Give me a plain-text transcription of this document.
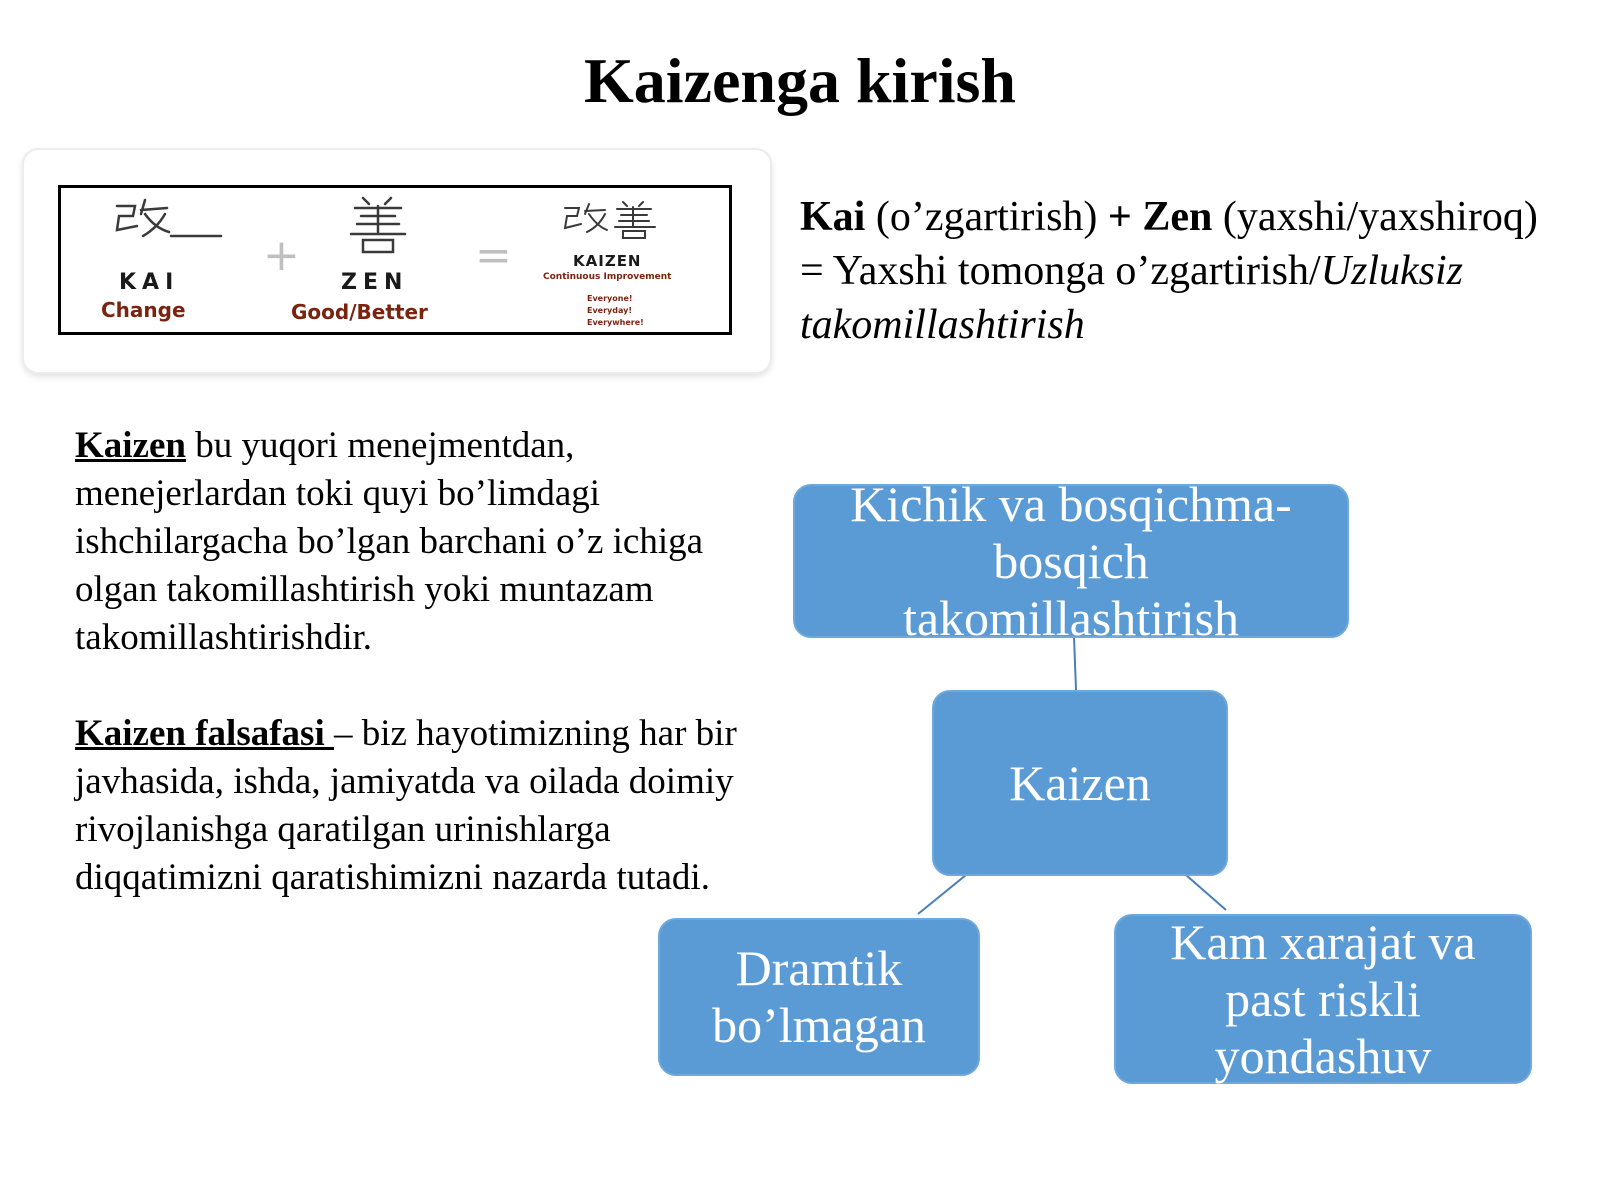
Kaizenga kirish
KAI
Change
+
ZEN
Good/Better
=	KAIZEN
Continuous Improvement
Everyone!
Everyday!
Everywhere!
Kai (o’zgartirish) + Zen (yaxshi/yaxshiroq) = Yaxshi tomonga o’zgartirish/Uzluksiz takomillashtirish
Kaizen bu yuqori menejmentdan, menejerlardan toki quyi bo’limdagi ishchilargacha bo’lgan barchani o’z ichiga olgan takomillashtirish yoki muntazam takomillashtirishdir.
Kaizen falsafasi – biz hayotimizning har bir javhasida, ishda, jamiyatda va oilada doimiy rivojlanishga qaratilgan urinishlarga diqqatimizni qaratishimizni nazarda tutadi.
Kichik va bosqichma-bosqich takomillashtirish
Kaizen
Dramtik bo’lmagan
Kam xarajat va past riskli yondashuv
